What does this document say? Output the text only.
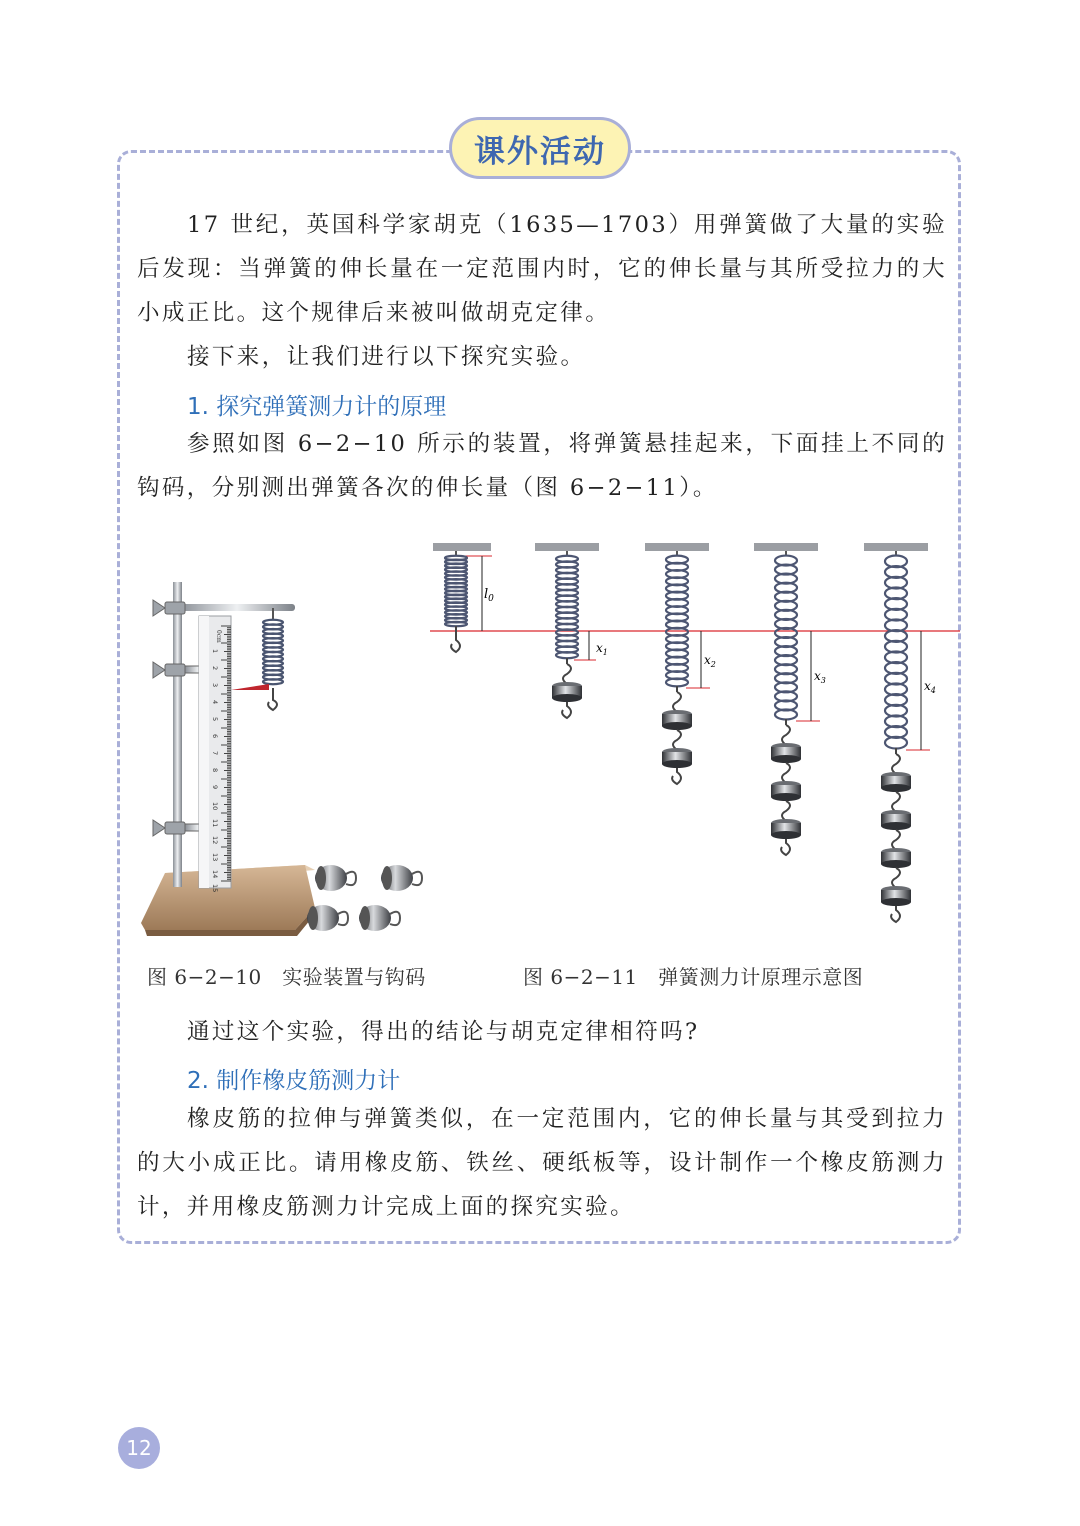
课外活动

17 世纪，英国科学家胡克（1635—1703）用弹簧做了大量的实验后发现：当弹簧的伸长量在一定范围内时，它的伸长量与其所受拉力的大小成正比。这个规律后来被叫做胡克定律。

接下来，让我们进行以下探究实验。

1. 探究弹簧测力计的原理

参照如图 6−2−10 所示的装置，将弹簧悬挂起来，下面挂上不同的钩码，分别测出弹簧各次的伸长量（图 6−2−11）。

0cm
1
2
3
4
5
6
7
8
9
10
11
12
13
14
15
$l_0$
$x_1$
$x_2$
$x_3$	$x_4$
图 6−2−10　实验装置与钩码	图 6−2−11　弹簧测力计原理示意图

通过这个实验，得出的结论与胡克定律相符吗?

2. 制作橡皮筋测力计

橡皮筋的拉伸与弹簧类似，在一定范围内，它的伸长量与其受到拉力的大小成正比。请用橡皮筋、铁丝、硬纸板等，设计制作一个橡皮筋测力计，并用橡皮筋测力计完成上面的探究实验。

12
